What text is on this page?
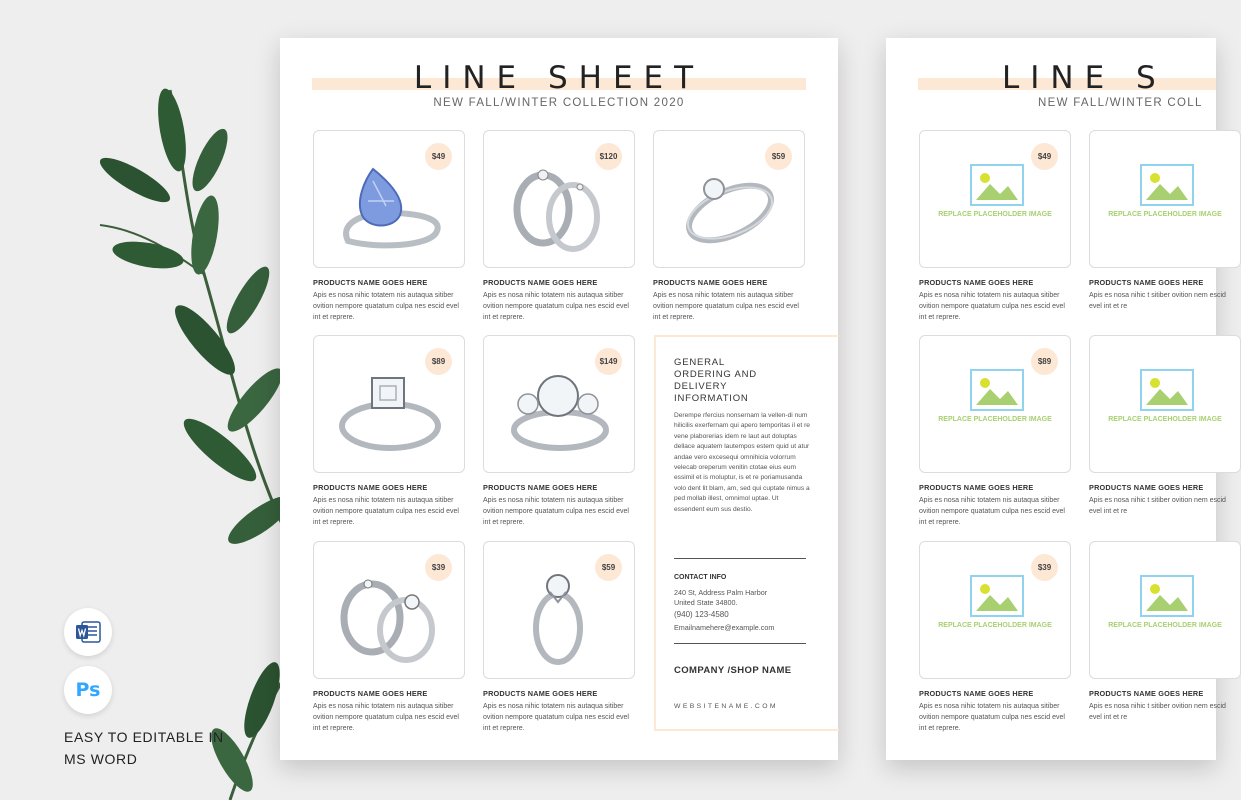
LINE SHEET
NEW FALL/WINTER COLLECTION 2020
$49
PRODUCTS NAME GOES HERE
Apis es nosa nihic totatem nis autaqua sitiber ovition nempore quatatum culpa nes escid evel int et reprere.
$120
PRODUCTS NAME GOES HERE
Apis es nosa nihic totatem nis autaqua sitiber ovition nempore quatatum culpa nes escid evel int et reprere.
$59
PRODUCTS NAME GOES HERE
Apis es nosa nihic totatem nis autaqua sitiber ovition nempore quatatum culpa nes escid evel int et reprere.
$89
PRODUCTS NAME GOES HERE
Apis es nosa nihic totatem nis autaqua sitiber ovition nempore quatatum culpa nes escid evel int et reprere.
$149
PRODUCTS NAME GOES HERE
Apis es nosa nihic totatem nis autaqua sitiber ovition nempore quatatum culpa nes escid evel int et reprere.
$39
PRODUCTS NAME GOES HERE
Apis es nosa nihic totatem nis autaqua sitiber ovition nempore quatatum culpa nes escid evel int et reprere.
$59
PRODUCTS NAME GOES HERE
Apis es nosa nihic totatem nis autaqua sitiber ovition nempore quatatum culpa nes escid evel int et reprere.
GENERAL ORDERING AND DELIVERY INFORMATION
Derempe rfercius nonsernam la vellen-di num hilicilis exerfernam qui apero temporitas il et re vene plaborerias idem re laut aut doluptas dellace aquatem lautempos estem quid ut atur andae vero excesequi omnihicia volorrum velecab oreperum venitin ctotae eius eum essimil et is moluptur, is et re poriamusanda volo dent lit blam, am, sed qui cuptate nimus a ped mollab illest, omnimol uptae. Ut essendent eum sus destio.
CONTACT INFO
240 St, Address Palm Harbor
United State 34800.
(940) 123-4580
Emailnamehere@example.com
COMPANY /SHOP NAME
WEBSITENAME.COM
LINE S
NEW FALL/WINTER COLL
REPLACE PLACEHOLDER IMAGE
$49
PRODUCTS NAME GOES HERE
Apis es nosa nihic totatem nis autaqua sitiber ovition nempore quatatum culpa nes escid evel int et reprere.
REPLACE PLACEHOLDER IMAGE
PRODUCTS NAME GOES HERE
Apis es nosa nihic t sitiber ovition nem escid evel int et re
REPLACE PLACEHOLDER IMAGE
$89
PRODUCTS NAME GOES HERE
Apis es nosa nihic totatem nis autaqua sitiber ovition nempore quatatum culpa nes escid evel int et reprere.
REPLACE PLACEHOLDER IMAGE
PRODUCTS NAME GOES HERE
Apis es nosa nihic t sitiber ovition nem escid evel int et re
REPLACE PLACEHOLDER IMAGE
$39
PRODUCTS NAME GOES HERE
Apis es nosa nihic totatem nis autaqua sitiber ovition nempore quatatum culpa nes escid evel int et reprere.
REPLACE PLACEHOLDER IMAGE
PRODUCTS NAME GOES HERE
Apis es nosa nihic t sitiber ovition nem escid evel int et re
Ps
EASY TO EDITABLE IN MS WORD
